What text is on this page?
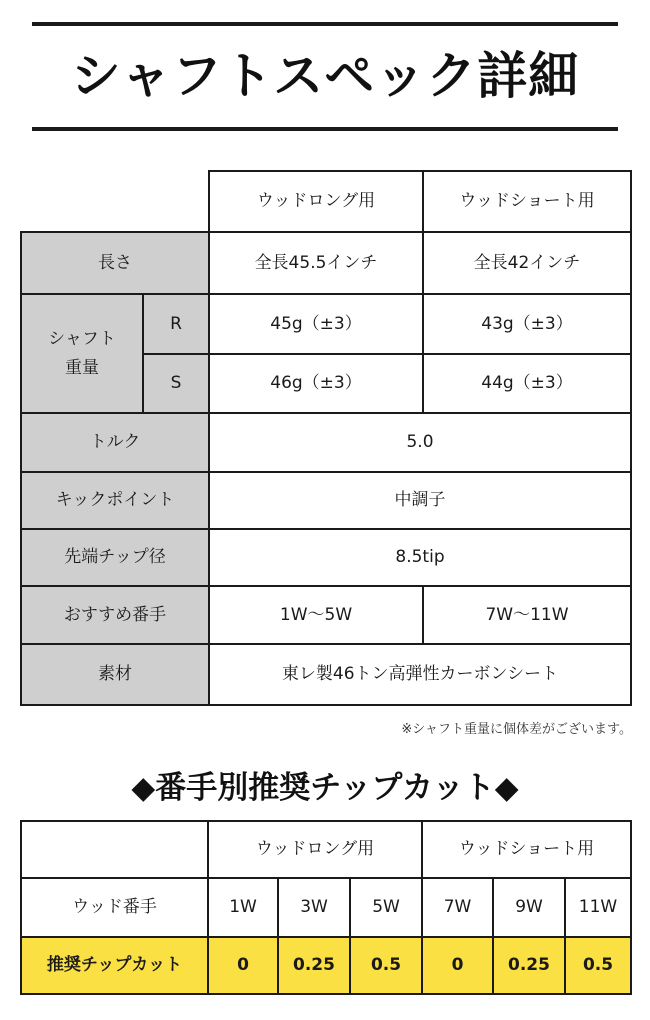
シャフトスペック詳細
ウッドロング用	ウッドショート用
長さ	全長45.5インチ	全長42インチ
シャフト
重量
R	45g（±3）	43g（±3）
S	46g（±3）	44g（±3）
トルク	5.0
キックポイント	中調子
先端チップ径	8.5tip
おすすめ番手	1W〜5W	7W〜11W
素材	東レ製46トン高弾性カーボンシート
※シャフト重量に個体差がございます。
◆番手別推奨チップカット◆
ウッドロング用	ウッドショート用
ウッド番手	1W	3W	5W	7W	9W	11W
推奨チップカット	0	0.25	0.5	0	0.25	0.5
